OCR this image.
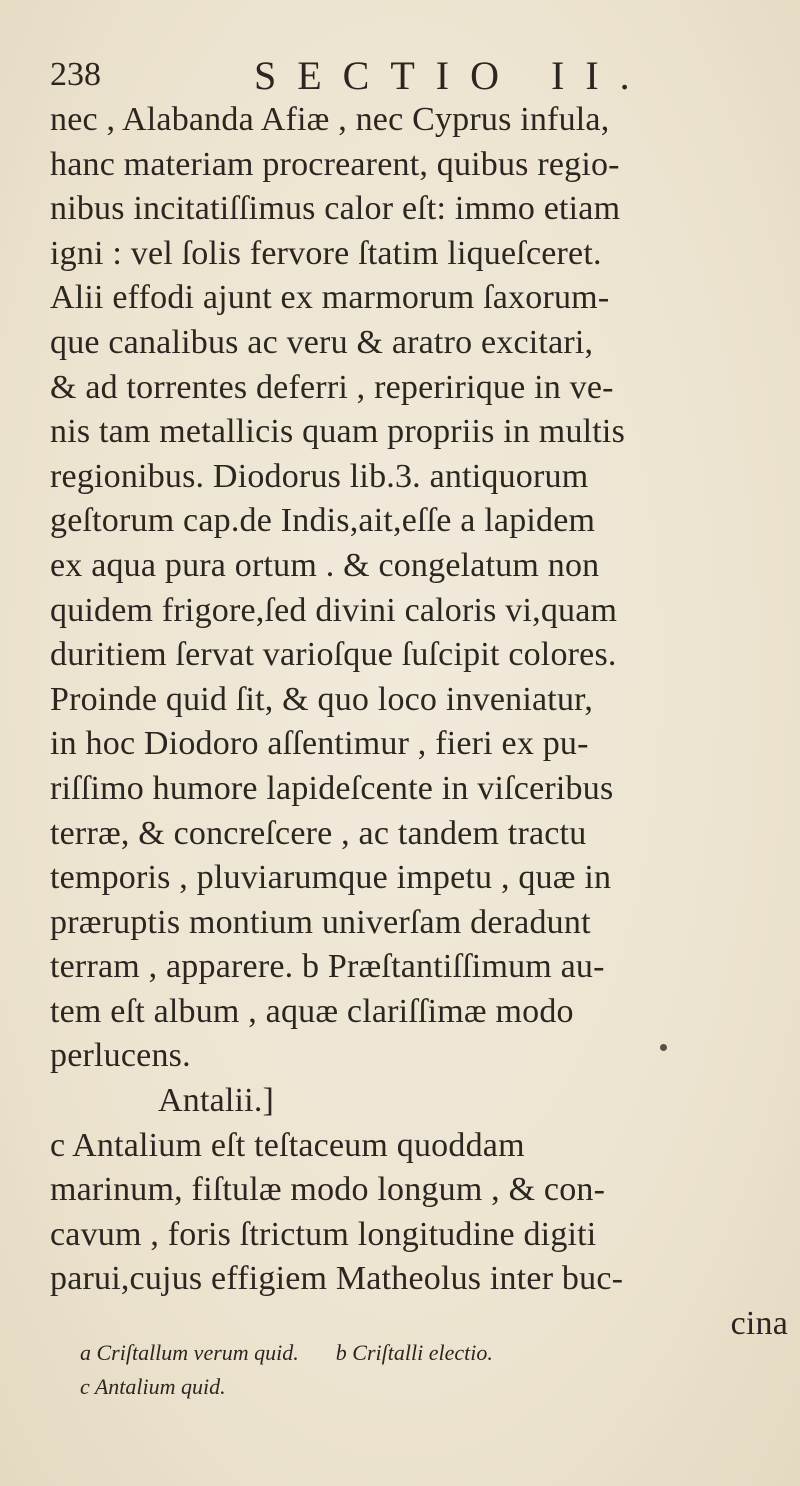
238	SECTIO II.
nec , Alabanda Afiæ , nec Cyprus infula,
hanc materiam procrearent, quibus regio-
nibus incitatiſſimus calor eſt: immo etiam
igni : vel ſolis fervore ſtatim liqueſceret.
Alii effodi ajunt ex marmorum ſaxorum-
que canalibus ac veru & aratro excitari,
& ad torrentes deferri , reperirique in ve-
nis tam metallicis quam propriis in multis
regionibus. Diodorus lib.3. antiquorum
geſtorum cap.de Indis,ait,eſſe a lapidem
ex aqua pura ortum . & congelatum non
quidem frigore,ſed divini caloris vi,quam
duritiem ſervat varioſque ſuſcipit colores.
Proinde quid ſit, & quo loco inveniatur,
in hoc Diodoro aſſentimur , fieri ex pu-
riſſimo humore lapideſcente in viſceribus
terræ, & concreſcere , ac tandem tractu
temporis , pluviarumque impetu , quæ in
præruptis montium univerſam deradunt
terram , apparere. b Præſtantiſſimum au-
tem eſt album , aquæ clariſſimæ modo
perlucens.
Antalii.]
c Antalium eſt teſtaceum quoddam
marinum, fiſtulæ modo longum , & con-
cavum , foris ſtrictum longitudine digiti
parui,cujus effigiem Matheolus inter buc-
cina
a Criſtallum verum quid. b Criſtalli electio.
c Antalium quid.
